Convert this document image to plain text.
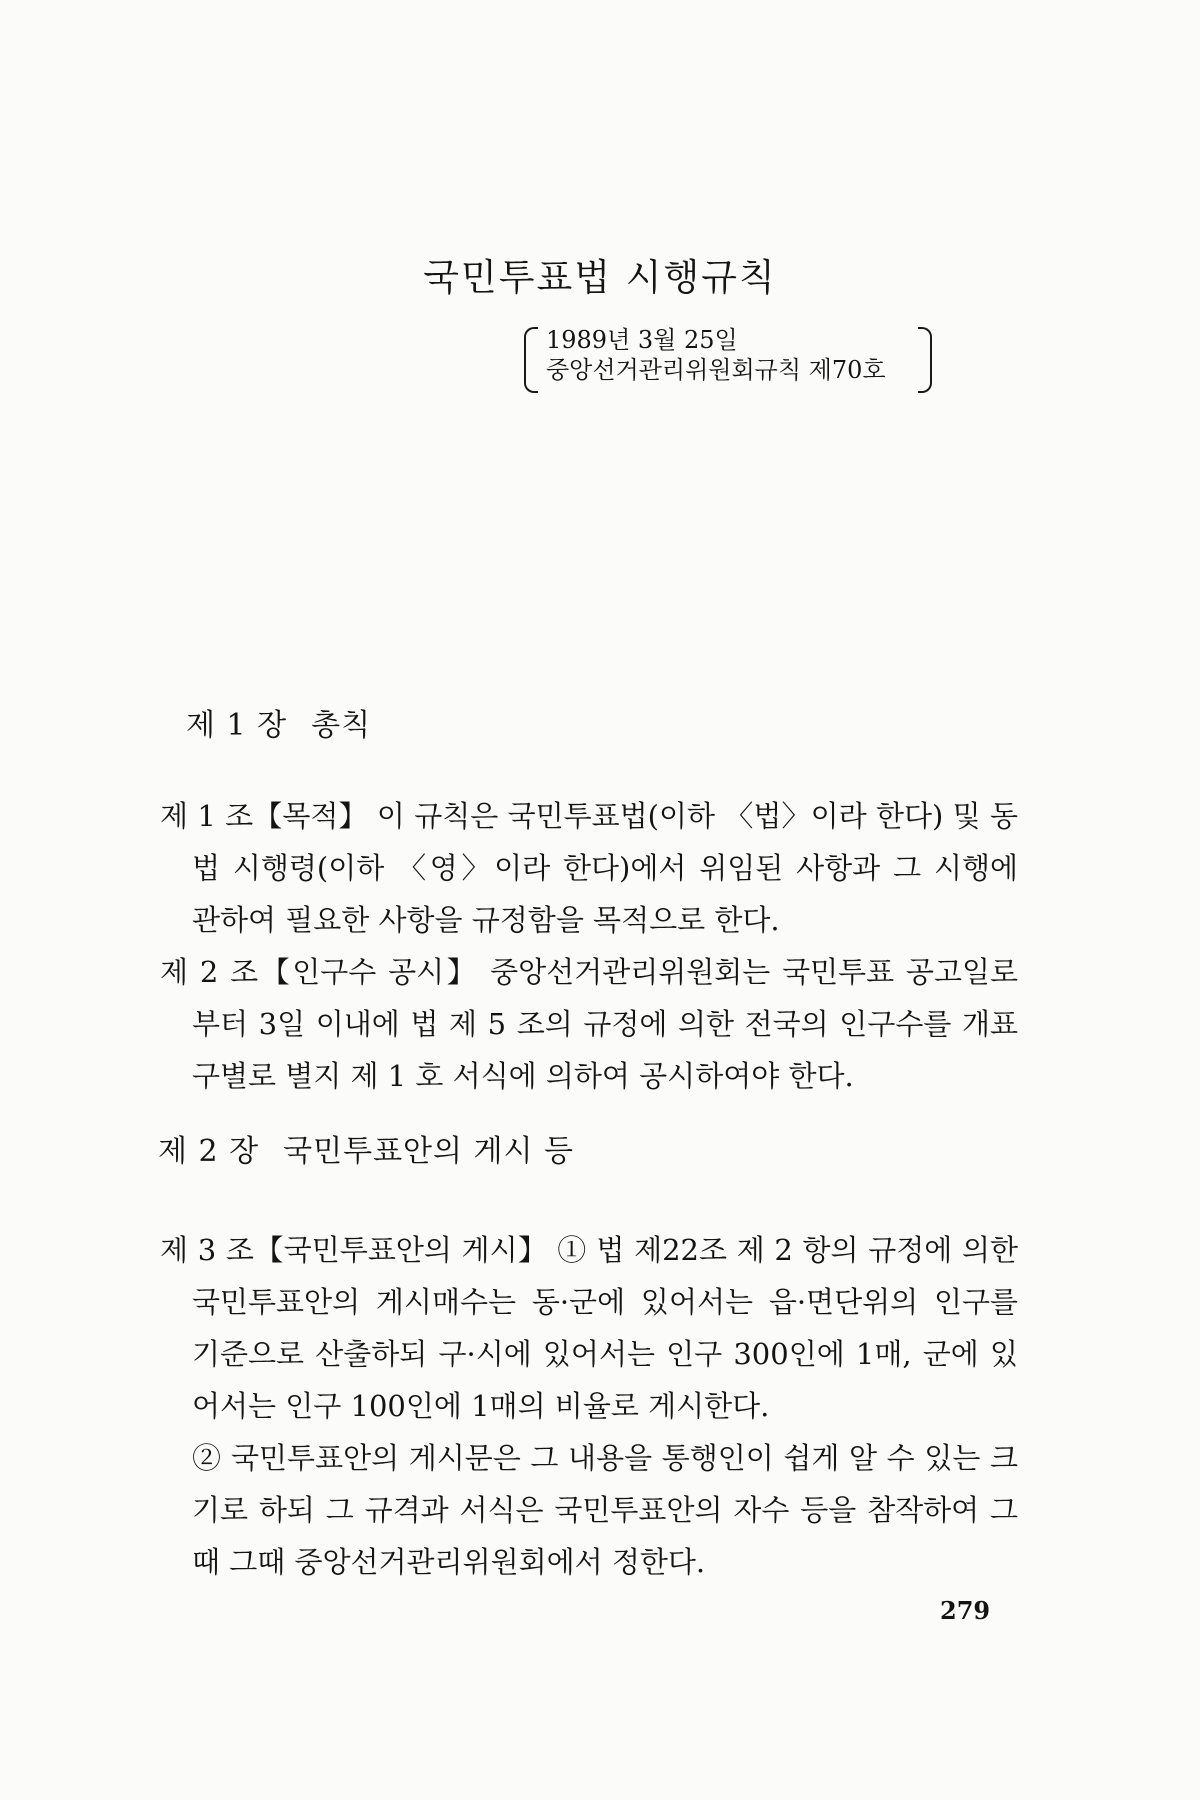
국민투표법 시행규칙
1989년 3월 25일
중앙선거관리위원회규칙 제70호
제 1 장 총칙
제 1 조【목적】 이 규칙은 국민투표법(이하 〈법〉이라 한다) 및 동법 시행령(이하 〈영〉이라 한다)에서 위임된 사항과 그 시행에 관하여 필요한 사항을 규정함을 목적으로 한다.
제 2 조【인구수 공시】 중앙선거관리위원회는 국민투표 공고일로부터 3일 이내에 법 제 5 조의 규정에 의한 전국의 인구수를 개표구별로 별지 제 1 호 서식에 의하여 공시하여야 한다.
제 2 장 국민투표안의 게시 등
제 3 조【국민투표안의 게시】 ① 법 제22조 제 2 항의 규정에 의한 국민투표안의 게시매수는 동·군에 있어서는 읍·면단위의 인구를 기준으로 산출하되 구·시에 있어서는 인구 300인에 1매, 군에 있어서는 인구 100인에 1매의 비율로 게시한다.

② 국민투표안의 게시문은 그 내용을 통행인이 쉽게 알 수 있는 크기로 하되 그 규격과 서식은 국민투표안의 자수 등을 참작하여 그때 그때 중앙선거관리위원회에서 정한다.

279
